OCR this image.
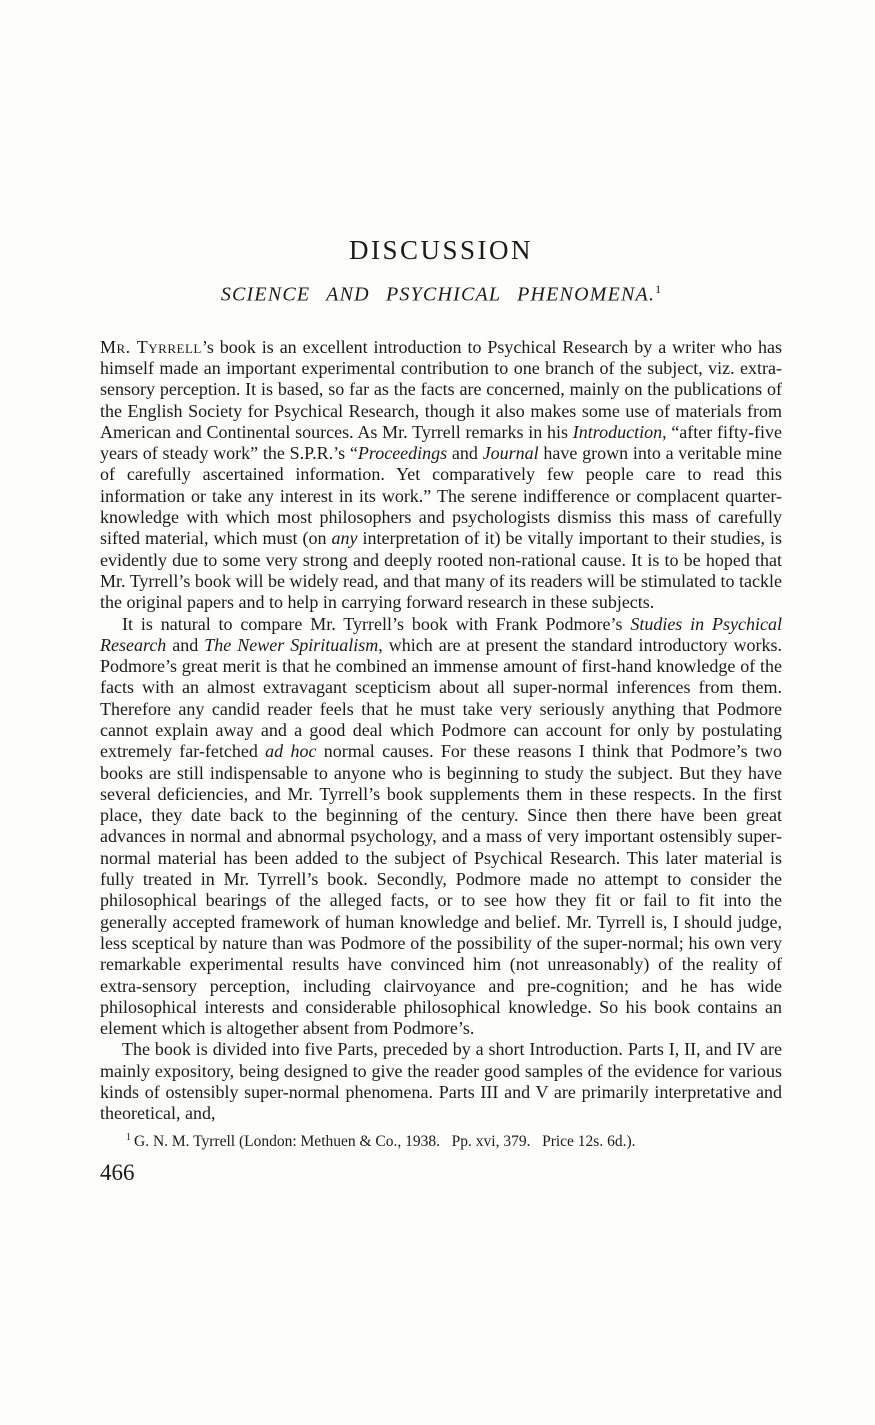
DISCUSSION
SCIENCE AND PSYCHICAL PHENOMENA.$^1$

Mr. Tyrrell’s book is an excellent introduction to Psychical Research by a writer who has himself made an important experimental contribution to one branch of the subject, viz. extra-sensory perception. It is based, so far as the facts are concerned, mainly on the publications of the English Society for Psychical Research, though it also makes some use of materials from American and Continental sources. As Mr. Tyrrell remarks in his Introduction, “after fifty-five years of steady work” the S.P.R.’s “Proceedings and Journal have grown into a veritable mine of carefully ascertained information. Yet comparatively few people care to read this information or take any interest in its work.” The serene indifference or complacent quarter-knowledge with which most philosophers and psychologists dismiss this mass of carefully sifted material, which must (on any interpretation of it) be vitally important to their studies, is evidently due to some very strong and deeply rooted non-rational cause. It is to be hoped that Mr. Tyrrell’s book will be widely read, and that many of its readers will be stimulated to tackle the original papers and to help in carrying forward research in these subjects.

It is natural to compare Mr. Tyrrell’s book with Frank Podmore’s Studies in Psychical Research and The Newer Spiritualism, which are at present the standard introductory works. Podmore’s great merit is that he combined an immense amount of first-hand knowledge of the facts with an almost extravagant scepticism about all super-normal inferences from them. Therefore any candid reader feels that he must take very seriously anything that Podmore cannot explain away and a good deal which Podmore can account for only by postulating extremely far-fetched ad hoc normal causes. For these reasons I think that Podmore’s two books are still indispensable to anyone who is beginning to study the subject. But they have several deficiencies, and Mr. Tyrrell’s book supplements them in these respects. In the first place, they date back to the beginning of the century. Since then there have been great advances in normal and abnormal psychology, and a mass of very important ostensibly super-normal material has been added to the subject of Psychical Research. This later material is fully treated in Mr. Tyrrell’s book. Secondly, Podmore made no attempt to consider the philosophical bearings of the alleged facts, or to see how they fit or fail to fit into the generally accepted framework of human knowledge and belief. Mr. Tyrrell is, I should judge, less sceptical by nature than was Podmore of the possibility of the super-normal; his own very remarkable experimental results have convinced him (not unreasonably) of the reality of extra-sensory perception, including clairvoyance and pre-cognition; and he has wide philosophical interests and considerable philosophical knowledge. So his book contains an element which is altogether absent from Podmore’s.

The book is divided into five Parts, preceded by a short Introduction. Parts I, II, and IV are mainly expository, being designed to give the reader good samples of the evidence for various kinds of ostensibly super-normal phenomena. Parts III and V are primarily interpretative and theoretical, and,

$^1$ G. N. M. Tyrrell (London: Methuen & Co., 1938.  Pp. xvi, 379.  Price 12s. 6d.).
466
